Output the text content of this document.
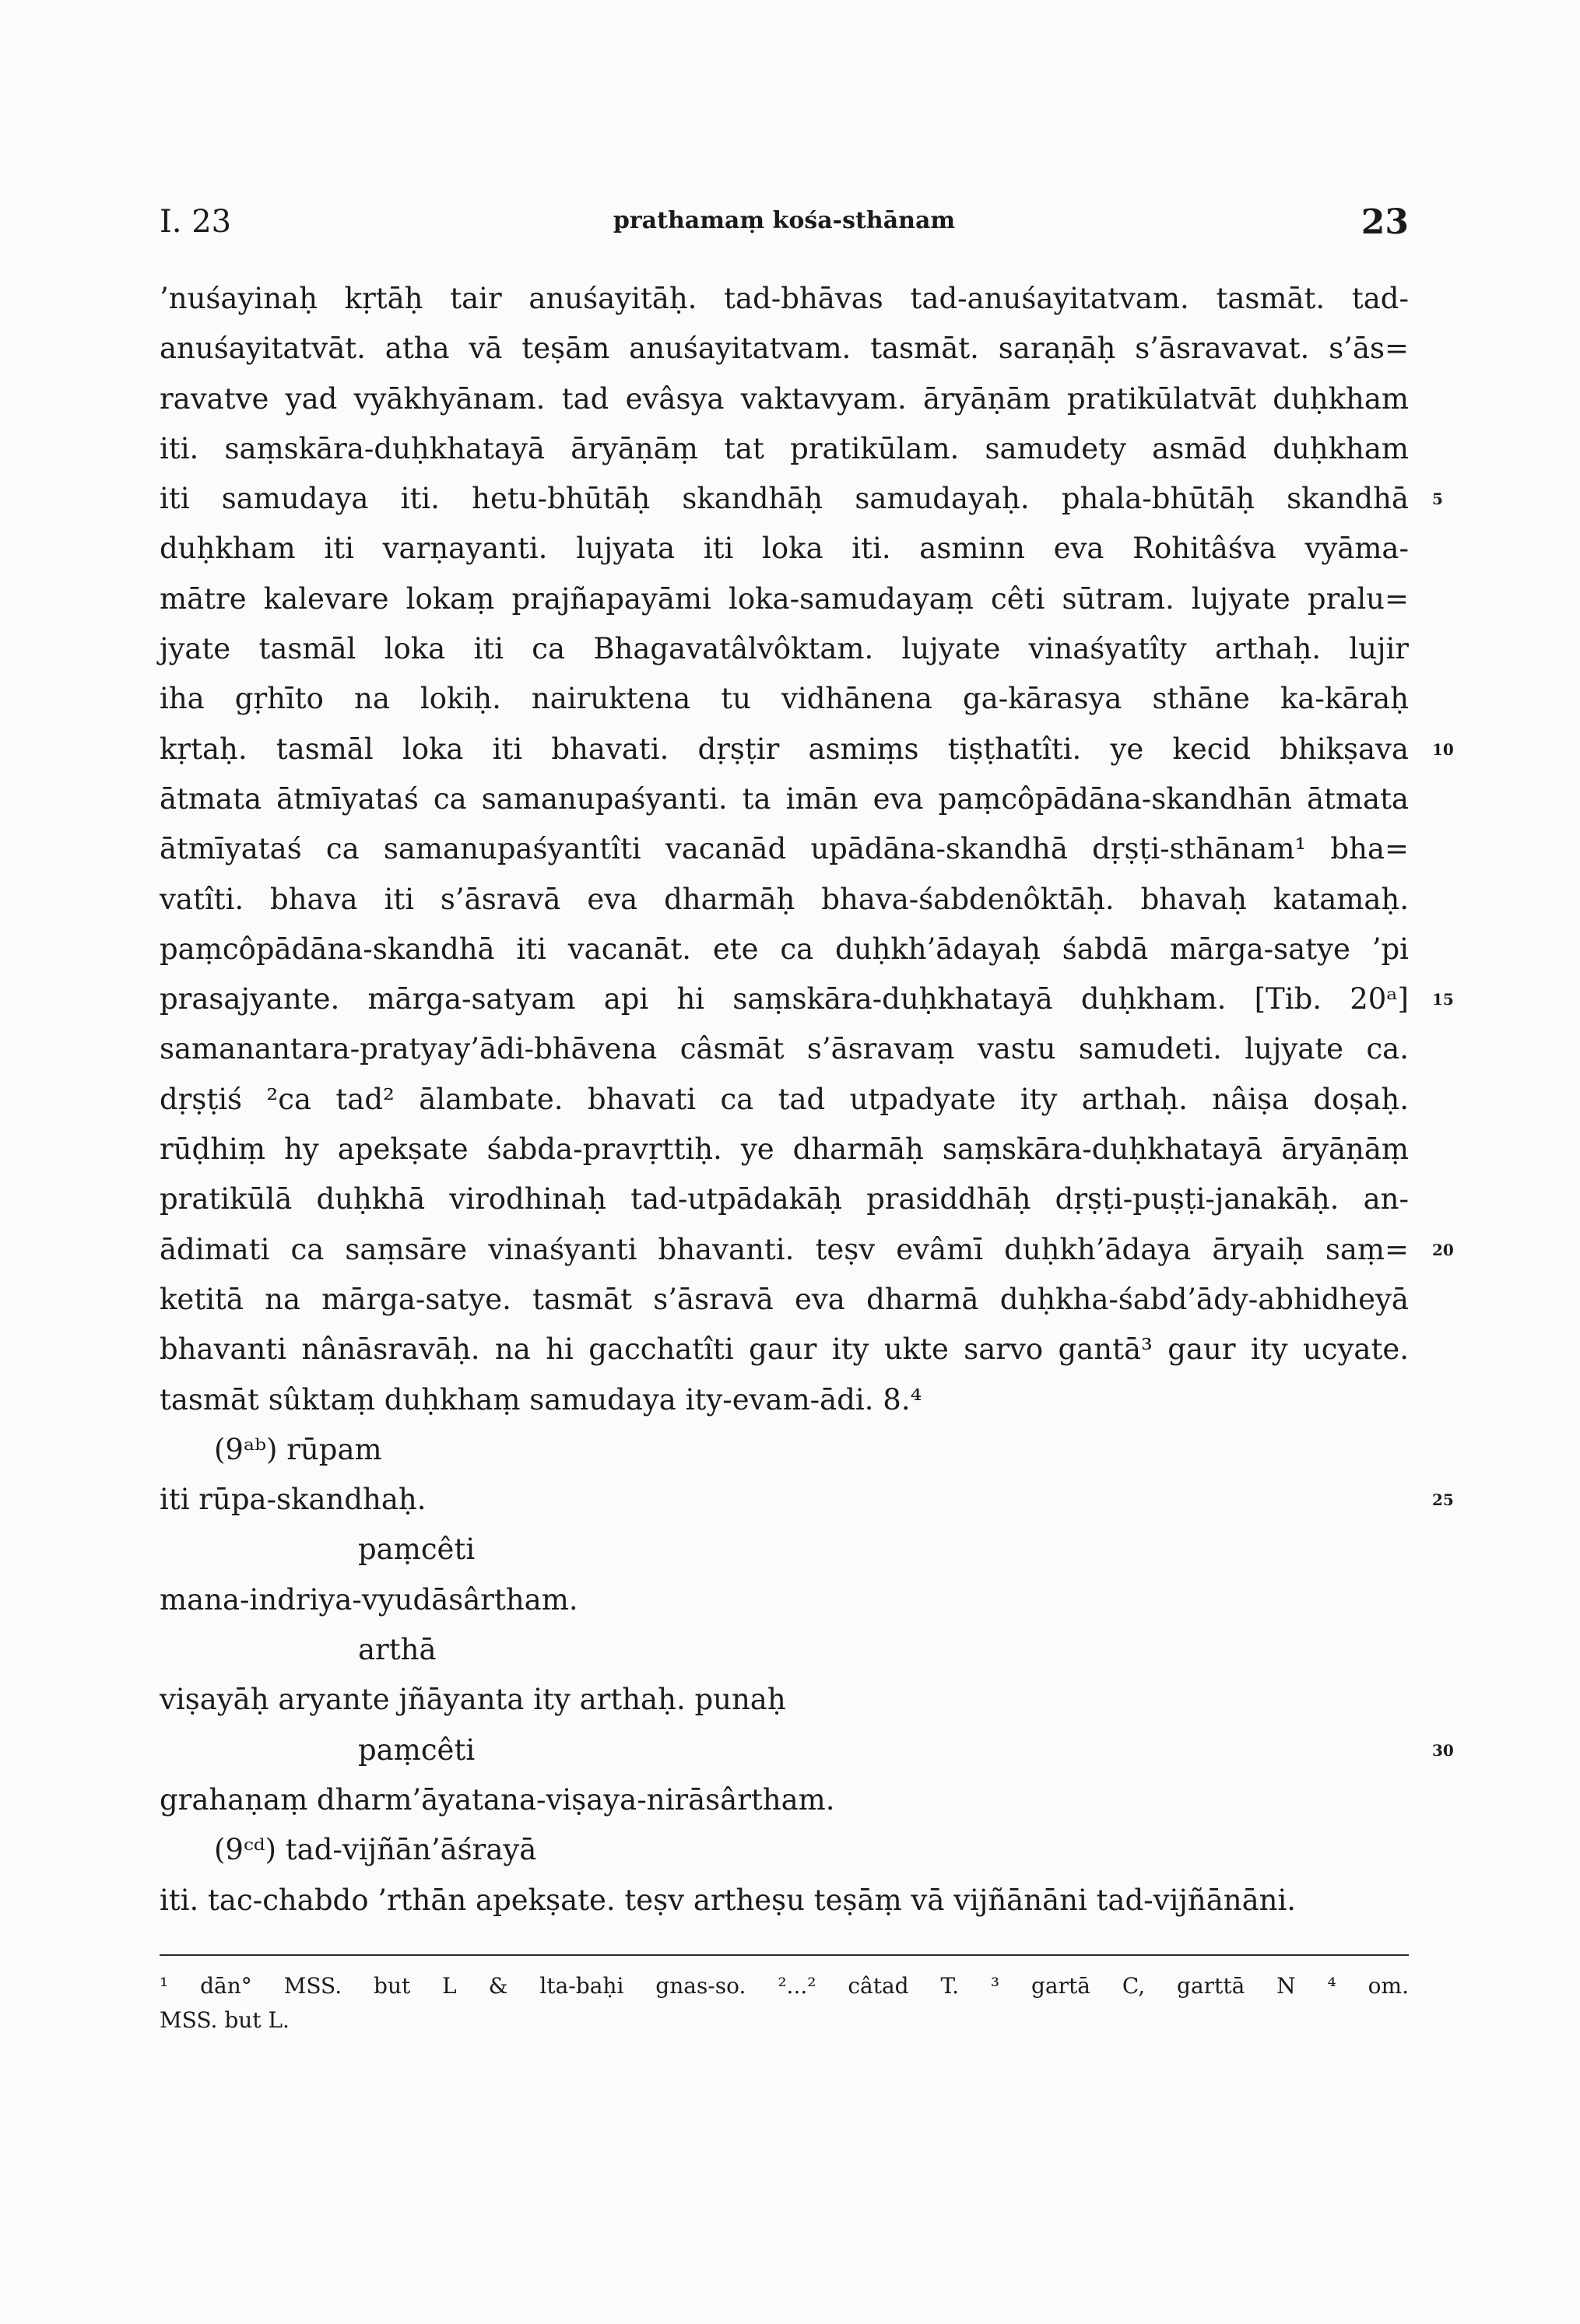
I. 23	prathamaṃ kośa-sthānam	23
’nuśayinaḥ kṛtāḥ tair anuśayitāḥ. tad-bhāvas tad-anuśayitatvam. tasmāt. tad-
anuśayitatvāt. atha vā teṣām anuśayitatvam. tasmāt. saraṇāḥ s’āsravavat. s’ās=
ravatve yad vyākhyānam. tad evâsya vaktavyam. āryāṇām pratikūlatvāt duḥkham
iti. saṃskāra-duḥkhatayā āryāṇāṃ tat pratikūlam. samudety asmād duḥkham
iti samudaya iti. hetu-bhūtāḥ skandhāḥ samudayaḥ. phala-bhūtāḥ skandhā 5
duḥkham iti varṇayanti. lujyata iti loka iti. asminn eva Rohitâśva vyāma-
mātre kalevare lokaṃ prajñapayāmi loka-samudayaṃ cêti sūtram. lujyate pralu=
jyate tasmāl loka iti ca Bhagavatâlvôktam. lujyate vinaśyatîty arthaḥ. lujir
iha gṛhīto na lokiḥ. nairuktena tu vidhānena ga-kārasya sthāne ka-kāraḥ
kṛtaḥ. tasmāl loka iti bhavati. dṛṣṭir asmiṃs tiṣṭhatîti. ye kecid bhikṣava 10
ātmata ātmīyataś ca samanupaśyanti. ta imān eva paṃcôpādāna-skandhān ātmata
ātmīyataś ca samanupaśyantîti vacanād upādāna-skandhā dṛṣṭi-sthānam¹ bha=
vatîti. bhava iti s’āsravā eva dharmāḥ bhava-śabdenôktāḥ. bhavaḥ katamaḥ.
paṃcôpādāna-skandhā iti vacanāt. ete ca duḥkh’ādayaḥ śabdā mārga-satye ’pi
prasajyante. mārga-satyam api hi saṃskāra-duḥkhatayā duḥkham. [Tib. 20ᵃ] 15
samanantara-pratyay’ādi-bhāvena câsmāt s’āsravaṃ vastu samudeti. lujyate ca.
dṛṣṭiś ²ca tad² ālambate. bhavati ca tad utpadyate ity arthaḥ. nâiṣa doṣaḥ.
rūḍhiṃ hy apekṣate śabda-pravṛttiḥ. ye dharmāḥ saṃskāra-duḥkhatayā āryāṇāṃ
pratikūlā duḥkhā virodhinaḥ tad-utpādakāḥ prasiddhāḥ dṛṣṭi-puṣṭi-janakāḥ. an-
ādimati ca saṃsāre vinaśyanti bhavanti. teṣv evâmī duḥkh’ādaya āryaiḥ saṃ= 20
ketitā na mārga-satye. tasmāt s’āsravā eva dharmā duḥkha-śabd’ādy-abhidheyā
bhavanti nânāsravāḥ. na hi gacchatîti gaur ity ukte sarvo gantā³ gaur ity ucyate.
tasmāt sûktaṃ duḥkhaṃ samudaya ity-evam-ādi. 8.⁴
(9ᵃᵇ) rūpam
iti rūpa-skandhaḥ.	25
paṃcêti
mana-indriya-vyudāsârtham.
arthā
viṣayāḥ aryante jñāyanta ity arthaḥ. punaḥ
paṃcêti	30
grahaṇaṃ dharm’āyatana-viṣaya-nirāsârtham.
(9ᶜᵈ) tad-vijñān’āśrayā
iti. tac-chabdo ’rthān apekṣate. teṣv artheṣu teṣāṃ vā vijñānāni tad-vijñānāni.
¹ dān° MSS. but L & lta-baḥi gnas-so. ²...² câtad T. ³ gartā C, garttā N ⁴ om.
MSS. but L.
